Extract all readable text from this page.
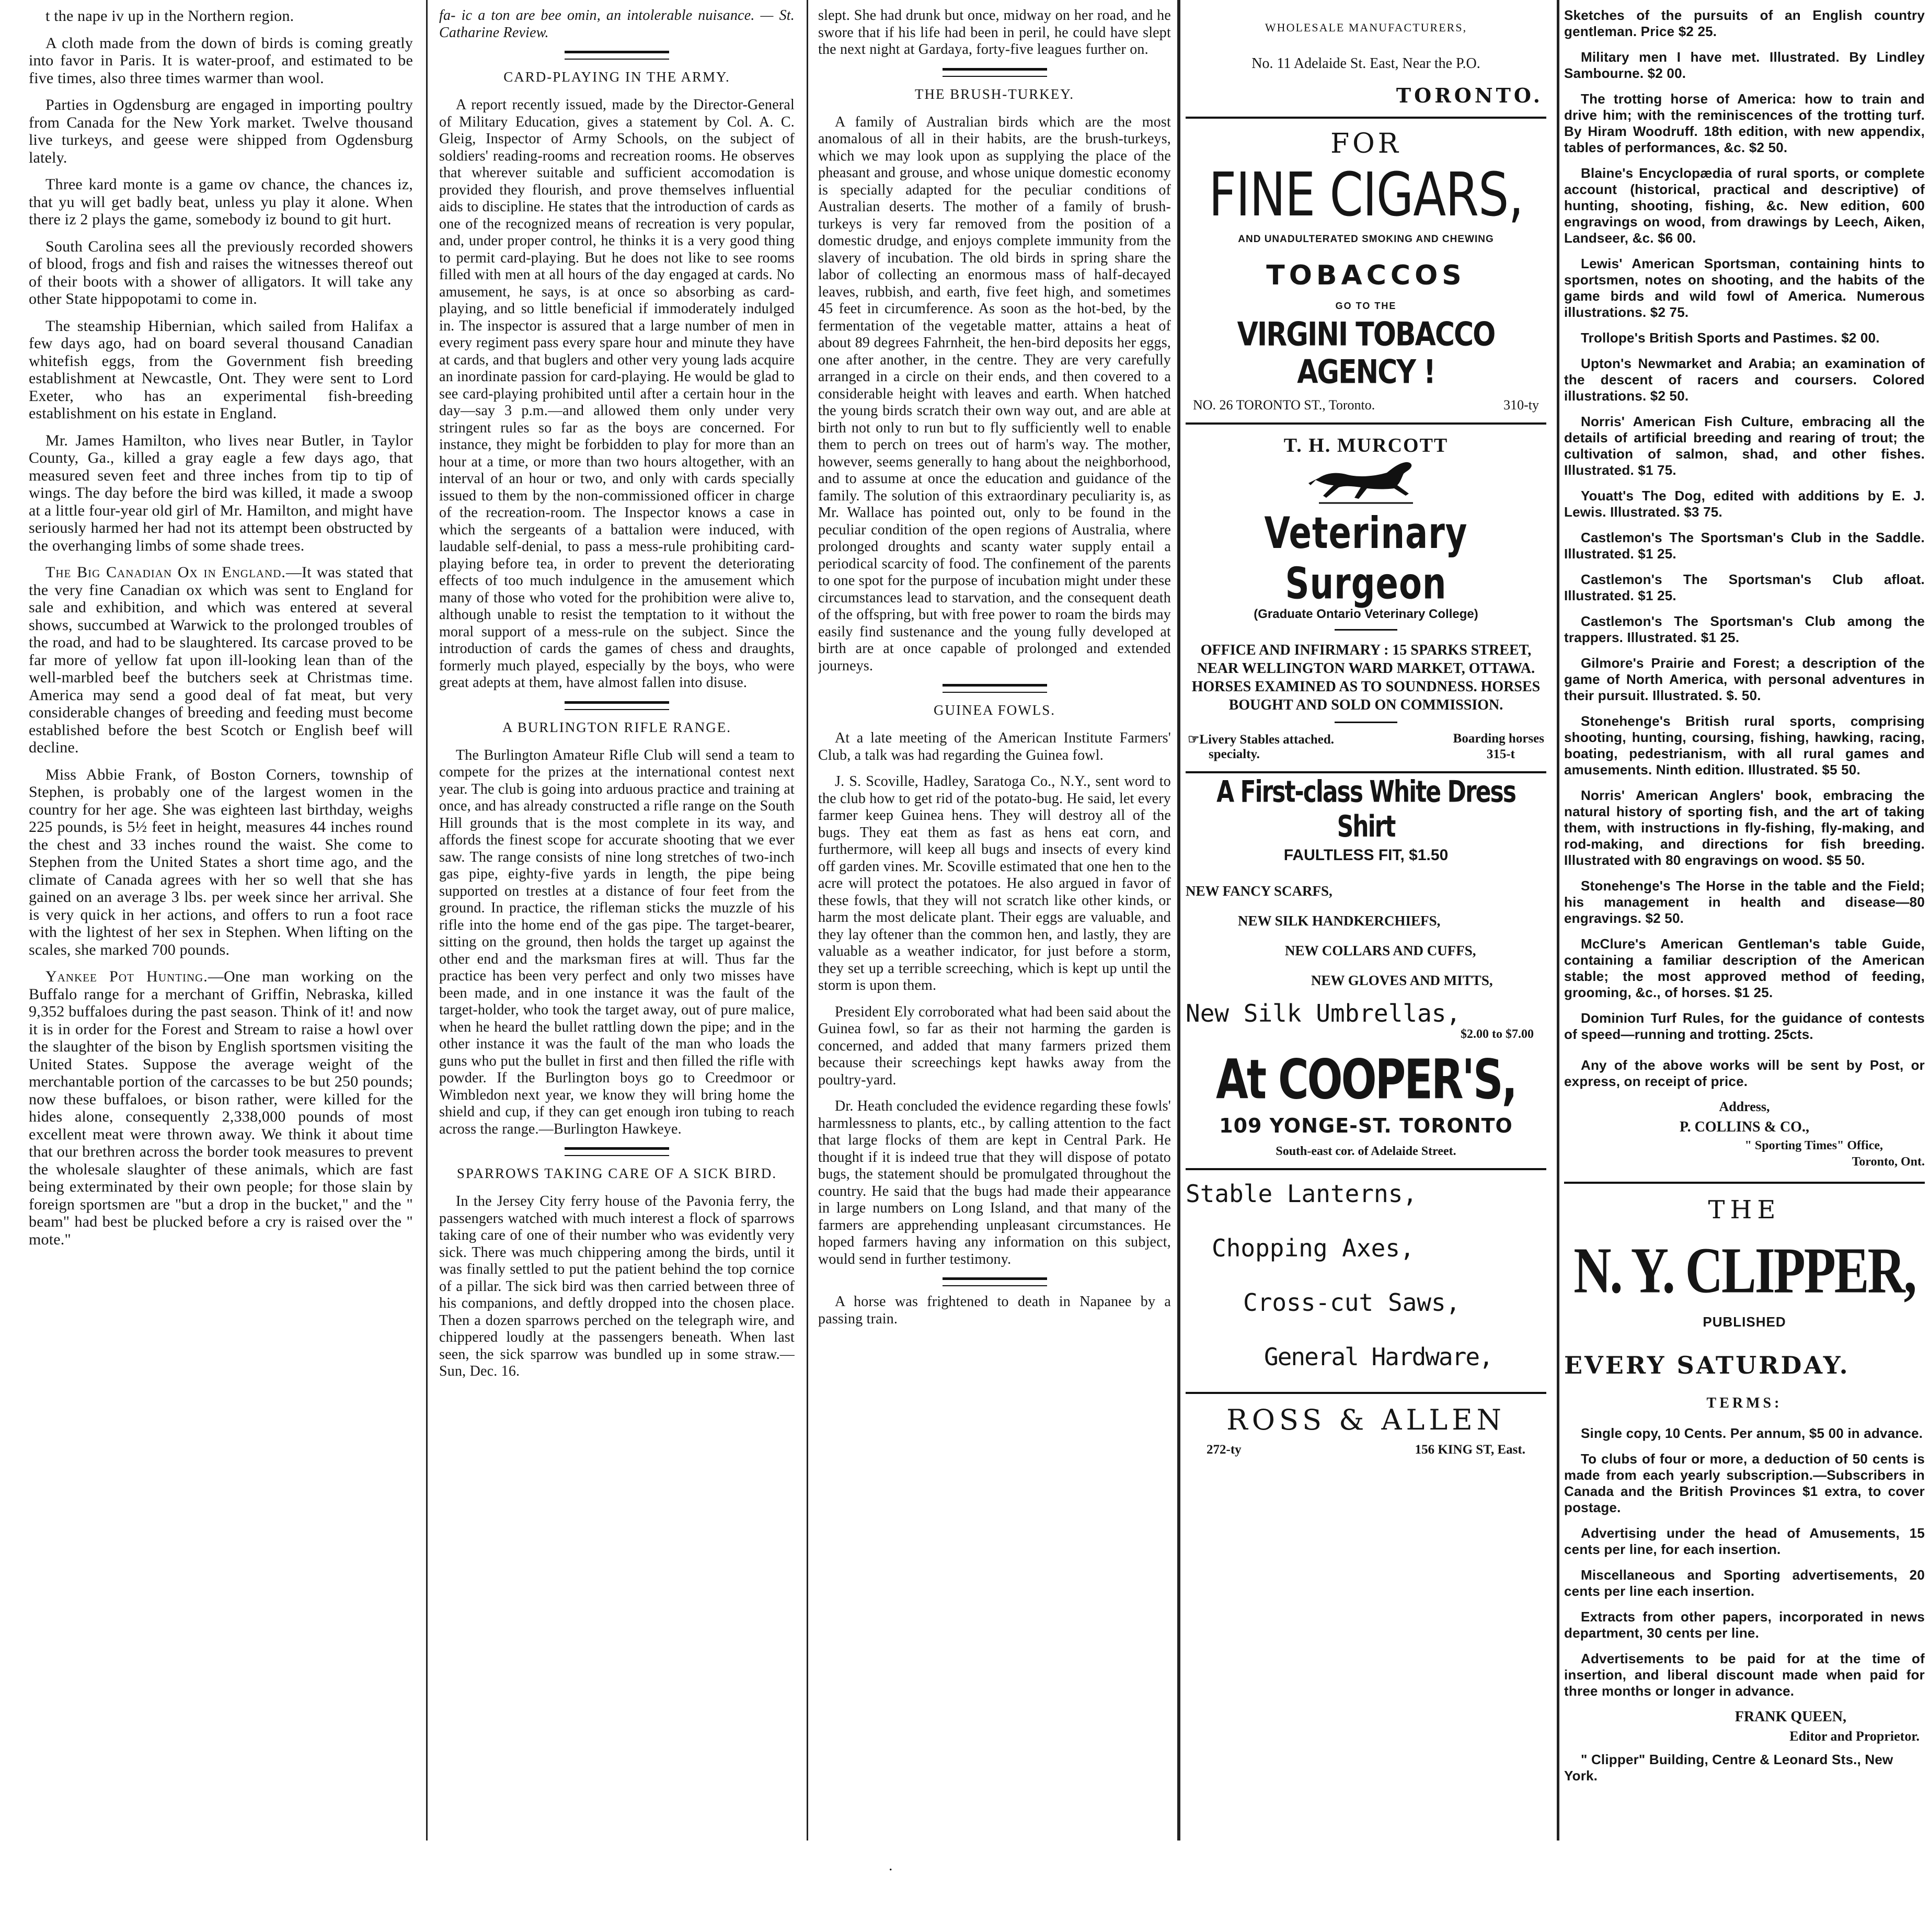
t the nape iv up in the Northern region.

A cloth made from the down of birds is coming greatly into favor in Paris. It is water-proof, and estimated to be five times, also three times warmer than wool.

Parties in Ogdensburg are engaged in importing poultry from Canada for the New York market. Twelve thousand live turkeys, and geese were shipped from Ogdensburg lately.

Three kard monte is a game ov chance, the chances iz, that yu will get badly beat, unless yu play it alone. When there iz 2 plays the game, somebody iz bound to git hurt.

South Carolina sees all the previously recorded showers of blood, frogs and fish and raises the witnesses thereof out of their boots with a shower of alligators. It will take any other State hippopotami to come in.

The steamship Hibernian, which sailed from Halifax a few days ago, had on board several thousand Canadian whitefish eggs, from the Government fish breeding establishment at Newcastle, Ont. They were sent to Lord Exeter, who has an experimental fish-breeding establishment on his estate in England.

Mr. James Hamilton, who lives near Butler, in Taylor County, Ga., killed a gray eagle a few days ago, that measured seven feet and three inches from tip to tip of wings. The day before the bird was killed, it made a swoop at a little four-year old girl of Mr. Hamilton, and might have seriously harmed her had not its attempt been obstructed by the overhanging limbs of some shade trees.

The Big Canadian Ox in England.—It was stated that the very fine Canadian ox which was sent to England for sale and exhibition, and which was entered at several shows, succumbed at Warwick to the prolonged troubles of the road, and had to be slaughtered. Its carcase proved to be far more of yellow fat upon ill-looking lean than of the well-marbled beef the butchers seek at Christmas time. America may send a good deal of fat meat, but very considerable changes of breeding and feeding must become established before the best Scotch or English beef will decline.

Miss Abbie Frank, of Boston Corners, township of Stephen, is probably one of the largest women in the country for her age. She was eighteen last birthday, weighs 225 pounds, is 5½ feet in height, measures 44 inches round the chest and 33 inches round the waist. She come to Stephen from the United States a short time ago, and the climate of Canada agrees with her so well that she has gained on an average 3 lbs. per week since her arrival. She is very quick in her actions, and offers to run a foot race with the lightest of her sex in Stephen. When lifting on the scales, she marked 700 pounds.

Yankee Pot Hunting.—One man working on the Buffalo range for a merchant of Griffin, Nebraska, killed 9,352 buffaloes during the past season. Think of it! and now it is in order for the Forest and Stream to raise a howl over the slaughter of the bison by English sportsmen visiting the United States. Suppose the average weight of the merchantable portion of the carcasses to be but 250 pounds; now these buffaloes, or bison rather, were killed for the hides alone, consequently 2,338,000 pounds of most excellent meat were thrown away. We think it about time that our brethren across the border took measures to prevent the wholesale slaughter of these animals, which are fast being exterminated by their own people; for those slain by foreign sportsmen are "but a drop in the bucket," and the " beam" had best be plucked before a cry is raised over the " mote."

fa- ic a ton are bee omin, an intolerable nuisance. — St. Catharine Review.

CARD-PLAYING IN THE ARMY.

A report recently issued, made by the Director-General of Military Education, gives a statement by Col. A. C. Gleig, Inspector of Army Schools, on the subject of soldiers' reading-rooms and recreation rooms. He observes that wherever suitable and sufficient accomodation is provided they flourish, and prove themselves influential aids to discipline. He states that the introduction of cards as one of the recognized means of recreation is very popular, and, under proper control, he thinks it is a very good thing to permit card-playing. But he does not like to see rooms filled with men at all hours of the day engaged at cards. No amusement, he says, is at once so absorbing as card-playing, and so little beneficial if immoderately indulged in. The inspector is assured that a large number of men in every regiment pass every spare hour and minute they have at cards, and that buglers and other very young lads acquire an inordinate passion for card-playing. He would be glad to see card-playing prohibited until after a certain hour in the day—say 3 p.m.—and allowed them only under very stringent rules so far as the boys are concerned. For instance, they might be forbidden to play for more than an hour at a time, or more than two hours altogether, with an interval of an hour or two, and only with cards specially issued to them by the non-commissioned officer in charge of the recreation-room. The Inspector knows a case in which the sergeants of a battalion were induced, with laudable self-denial, to pass a mess-rule prohibiting card-playing before tea, in order to prevent the deteriorating effects of too much indulgence in the amusement which many of those who voted for the prohibition were alive to, although unable to resist the temptation to it without the moral support of a mess-rule on the subject. Since the introduction of cards the games of chess and draughts, formerly much played, especially by the boys, who were great adepts at them, have almost fallen into disuse.

A BURLINGTON RIFLE RANGE.

The Burlington Amateur Rifle Club will send a team to compete for the prizes at the international contest next year. The club is going into arduous practice and training at once, and has already constructed a rifle range on the South Hill grounds that is the most complete in its way, and affords the finest scope for accurate shooting that we ever saw. The range consists of nine long stretches of two-inch gas pipe, eighty-five yards in length, the pipe being supported on trestles at a distance of four feet from the ground. In practice, the rifleman sticks the muzzle of his rifle into the home end of the gas pipe. The target-bearer, sitting on the ground, then holds the target up against the other end and the marksman fires at will. Thus far the practice has been very perfect and only two misses have been made, and in one instance it was the fault of the target-holder, who took the target away, out of pure malice, when he heard the bullet rattling down the pipe; and in the other instance it was the fault of the man who loads the guns who put the bullet in first and then filled the rifle with powder. If the Burlington boys go to Creedmoor or Wimbledon next year, we know they will bring home the shield and cup, if they can get enough iron tubing to reach across the range.—Burlington Hawkeye.

SPARROWS TAKING CARE OF A SICK BIRD.

In the Jersey City ferry house of the Pavonia ferry, the passengers watched with much interest a flock of sparrows taking care of one of their number who was evidently very sick. There was much chippering among the birds, until it was finally settled to put the patient behind the top cornice of a pillar. The sick bird was then carried between three of his companions, and deftly dropped into the chosen place. Then a dozen sparrows perched on the telegraph wire, and chippered loudly at the passengers beneath. When last seen, the sick sparrow was bundled up in some straw.—Sun, Dec. 16.

slept. She had drunk but once, midway on her road, and he swore that if his life had been in peril, he could have slept the next night at Gardaya, forty-five leagues further on.

THE BRUSH-TURKEY.

A family of Australian birds which are the most anomalous of all in their habits, are the brush-turkeys, which we may look upon as supplying the place of the pheasant and grouse, and whose unique domestic economy is specially adapted for the peculiar conditions of Australian deserts. The mother of a family of brush-turkeys is very far removed from the position of a domestic drudge, and enjoys complete immunity from the slavery of incubation. The old birds in spring share the labor of collecting an enormous mass of half-decayed leaves, rubbish, and earth, five feet high, and sometimes 45 feet in circumference. As soon as the hot-bed, by the fermentation of the vegetable matter, attains a heat of about 89 degrees Fahrnheit, the hen-bird deposits her eggs, one after another, in the centre. They are very carefully arranged in a circle on their ends, and then covered to a considerable height with leaves and earth. When hatched the young birds scratch their own way out, and are able at birth not only to run but to fly sufficiently well to enable them to perch on trees out of harm's way. The mother, however, seems generally to hang about the neighborhood, and to assume at once the education and guidance of the family. The solution of this extraordinary peculiarity is, as Mr. Wallace has pointed out, only to be found in the peculiar condition of the open regions of Australia, where prolonged droughts and scanty water supply entail a periodical scarcity of food. The confinement of the parents to one spot for the purpose of incubation might under these circumstances lead to starvation, and the consequent death of the offspring, but with free power to roam the birds may easily find sustenance and the young fully developed at birth are at once capable of prolonged and extended journeys.

GUINEA FOWLS.

At a late meeting of the American Institute Farmers' Club, a talk was had regarding the Guinea fowl.

J. S. Scoville, Hadley, Saratoga Co., N.Y., sent word to the club how to get rid of the potato-bug. He said, let every farmer keep Guinea hens. They will destroy all of the bugs. They eat them as fast as hens eat corn, and furthermore, will keep all bugs and insects of every kind off garden vines. Mr. Scoville estimated that one hen to the acre will protect the potatoes. He also argued in favor of these fowls, that they will not scratch like other kinds, or harm the most delicate plant. Their eggs are valuable, and they lay oftener than the common hen, and lastly, they are valuable as a weather indicator, for just before a storm, they set up a terrible screeching, which is kept up until the storm is upon them.

President Ely corroborated what had been said about the Guinea fowl, so far as their not harming the garden is concerned, and added that many farmers prized them because their screechings kept hawks away from the poultry-yard.

Dr. Heath concluded the evidence regarding these fowls' harmlessness to plants, etc., by calling attention to the fact that large flocks of them are kept in Central Park. He thought if it is indeed true that they will dispose of potato bugs, the statement should be promulgated throughout the country. He said that the bugs had made their appearance in large numbers on Long Island, and that many of the farmers are apprehending unpleasant circumstances. He hoped farmers having any information on this subject, would send in further testimony.

A horse was frightened to death in Napanee by a passing train.

WHOLESALE MANUFACTURERS,
No. 11 Adelaide St. East, Near the P.O.
TORONTO.
FOR
FINE CIGARS,
AND UNADULTERATED SMOKING AND CHEWING
TOBACCOS
GO TO THE
VIRGINI TOBACCO AGENCY !
NO. 26 TORONTO ST., Toronto.	310-ty
T. H. MURCOTT
Veterinary Surgeon
(Graduate Ontario Veterinary College)
OFFICE AND INFIRMARY : 15 SPARKS STREET, NEAR WELLINGTON WARD MARKET, OTTAWA. HORSES EXAMINED AS TO SOUNDNESS. HORSES BOUGHT AND SOLD ON COMMISSION.
☞Livery Stables attached.	Boarding horses
specialty.	315-t
A First-class White Dress Shirt
FAULTLESS FIT, $1.50
NEW FANCY SCARFS,
NEW SILK HANDKERCHIEFS,
NEW COLLARS AND CUFFS,
NEW GLOVES AND MITTS,
New Silk Umbrellas,
$2.00 to $7.00
At COOPER'S,
109 YONGE-ST. TORONTO
South-east cor. of Adelaide Street.
Stable Lanterns,
Chopping Axes,
Cross-cut Saws,
General Hardware,
ROSS & ALLEN
272-ty	156 KING ST, East.

Sketches of the pursuits of an English country gentleman. Price $2 25.

Military men I have met. Illustrated. By Lindley Sambourne. $2 00.

The trotting horse of America: how to train and drive him; with the reminiscences of the trotting turf. By Hiram Woodruff. 18th edition, with new appendix, tables of performances, &c. $2 50.

Blaine's Encyclopædia of rural sports, or complete account (historical, practical and descriptive) of hunting, shooting, fishing, &c. New edition, 600 engravings on wood, from drawings by Leech, Aiken, Landseer, &c. $6 00.

Lewis' American Sportsman, containing hints to sportsmen, notes on shooting, and the habits of the game birds and wild fowl of America. Numerous illustrations. $2 75.

Trollope's British Sports and Pastimes. $2 00.

Upton's Newmarket and Arabia; an examination of the descent of racers and coursers. Colored illustrations. $2 50.

Norris' American Fish Culture, embracing all the details of artificial breeding and rearing of trout; the cultivation of salmon, shad, and other fishes. Illustrated. $1 75.

Youatt's The Dog, edited with additions by E. J. Lewis. Illustrated. $3 75.

Castlemon's The Sportsman's Club in the Saddle. Illustrated. $1 25.

Castlemon's The Sportsman's Club afloat. Illustrated. $1 25.

Castlemon's The Sportsman's Club among the trappers. Illustrated. $1 25.

Gilmore's Prairie and Forest; a description of the game of North America, with personal adventures in their pursuit. Illustrated. $. 50.

Stonehenge's British rural sports, comprising shooting, hunting, coursing, fishing, hawking, racing, boating, pedestrianism, with all rural games and amusements. Ninth edition. Illustrated. $5 50.

Norris' American Anglers' book, embracing the natural history of sporting fish, and the art of taking them, with instructions in fly-fishing, fly-making, and rod-making, and directions for fish breeding. Illustrated with 80 engravings on wood. $5 50.

Stonehenge's The Horse in the table and the Field; his management in health and disease—80 engravings. $2 50.

McClure's American Gentleman's table Guide, containing a familiar description of the American stable; the most approved method of feeding, grooming, &c., of horses. $1 25.

Dominion Turf Rules, for the guidance of contests of speed—running and trotting. 25cts.

Any of the above works will be sent by Post, or express, on receipt of price.

Address,
P. COLLINS & CO.,
" Sporting Times" Office,
Toronto, Ont.
THE
N. Y. CLIPPER,
PUBLISHED
EVERY SATURDAY.
TERMS:

Single copy, 10 Cents. Per annum, $5 00 in advance.

To clubs of four or more, a deduction of 50 cents is made from each yearly subscription.—Subscribers in Canada and the British Provinces $1 extra, to cover postage.

Advertising under the head of Amusements, 15 cents per line, for each insertion.

Miscellaneous and Sporting advertisements, 20 cents per line each insertion.

Extracts from other papers, incorporated in news department, 30 cents per line.

Advertisements to be paid for at the time of insertion, and liberal discount made when paid for three months or longer in advance.

FRANK QUEEN,
Editor and Proprietor.

" Clipper" Building, Centre & Leonard Sts., New York.

.
